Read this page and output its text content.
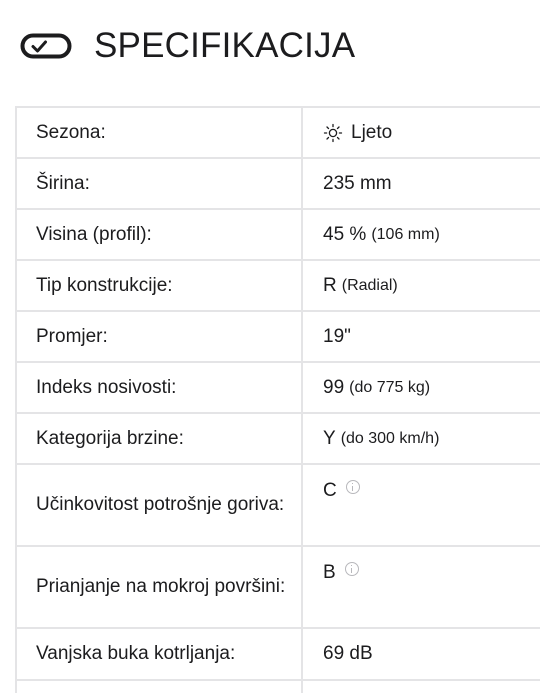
SPECIFIKACIJA
Sezona:	Ljeto
Širina:	235 mm
Visina (profil):	45 % (106 mm)
Tip konstrukcije:	R (Radial)
Promjer:	19"
Indeks nosivosti:	99 (do 775 kg)
Kategorija brzine:	Y (do 300 km/h)
Učinkovitost potrošnje goriva:
C
Prianjanje na mokroj površini:
B
Vanjska buka kotrljanja:	69 dB
